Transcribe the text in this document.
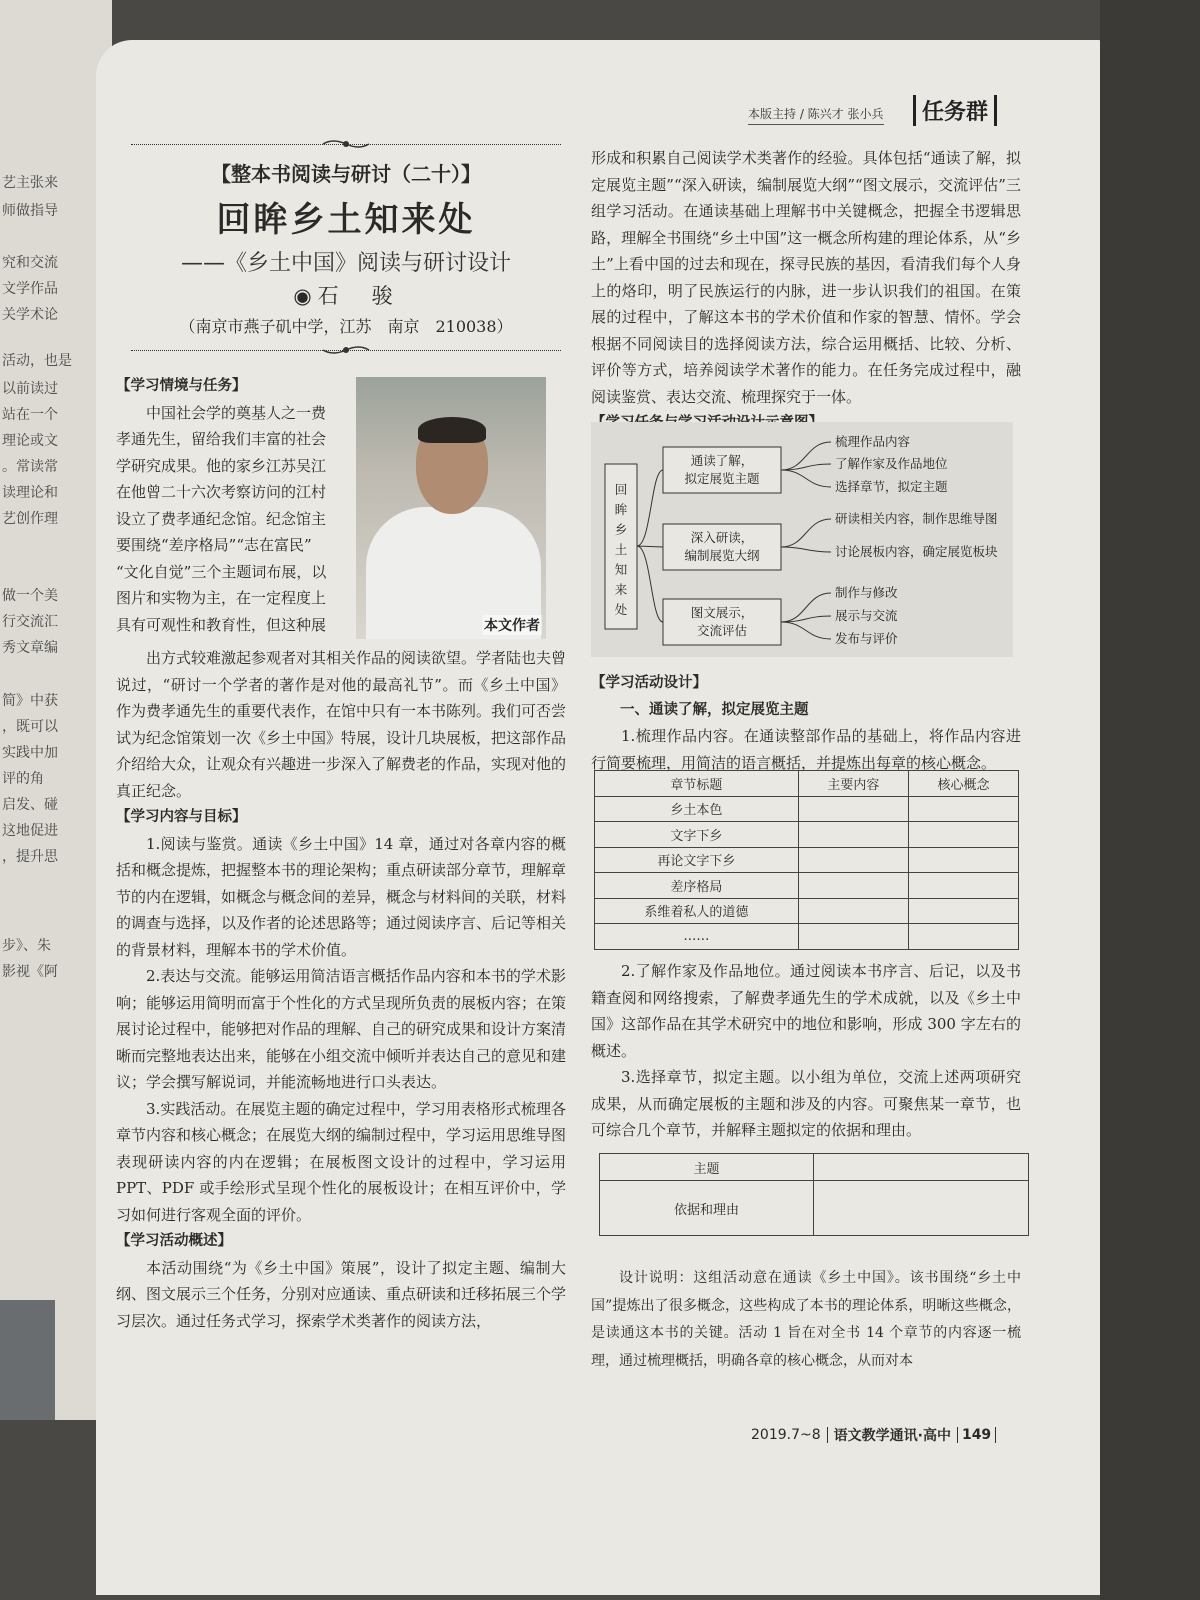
艺主张来
师做指导
究和交流
文学作品
关学术论
活动，也是
以前读过
站在一个
理论或文
。常读常
读理论和
艺创作理
做一个美
行交流汇
秀文章编
简》中获
，既可以
实践中加
评的角
启发、碰
这地促进
，提升思
步》、朱
影视《阿
本版主持 / 陈兴才 张小兵	任务群
【整本书阅读与研讨（二十）】
回眸乡土知来处
——《乡土中国》阅读与研讨设计
◉石　骏
（南京市燕子矶中学，江苏　南京　210038）
本文作者
【学习情境与任务】
中国社会学的奠基人之一费
孝通先生，留给我们丰富的社会
学研究成果。他的家乡江苏吴江
在他曾二十六次考察访问的江村
设立了费孝通纪念馆。纪念馆主
要围绕“差序格局”“志在富民”
“文化自觉”三个主题词布展，以
图片和实物为主，在一定程度上
具有可观性和教育性，但这种展
出方式较难激起参观者对其相关作品的阅读欲望。学者陆也夫曾说过，“研讨一个学者的著作是对他的最高礼节”。而《乡土中国》作为费孝通先生的重要代表作，在馆中只有一本书陈列。我们可否尝试为纪念馆策划一次《乡土中国》特展，设计几块展板，把这部作品介绍给大众，让观众有兴趣进一步深入了解费老的作品，实现对他的真正纪念。
【学习内容与目标】
1.阅读与鉴赏。通读《乡土中国》14 章，通过对各章内容的概括和概念提炼，把握整本书的理论架构；重点研读部分章节，理解章节的内在逻辑，如概念与概念间的差异，概念与材料间的关联，材料的调查与选择，以及作者的论述思路等；通过阅读序言、后记等相关的背景材料，理解本书的学术价值。
2.表达与交流。能够运用简洁语言概括作品内容和本书的学术影响；能够运用简明而富于个性化的方式呈现所负责的展板内容；在策展讨论过程中，能够把对作品的理解、自己的研究成果和设计方案清晰而完整地表达出来，能够在小组交流中倾听并表达自己的意见和建议；学会撰写解说词，并能流畅地进行口头表达。
3.实践活动。在展览主题的确定过程中，学习用表格形式梳理各章节内容和核心概念；在展览大纲的编制过程中，学习运用思维导图表现研读内容的内在逻辑；在展板图文设计的过程中，学习运用 PPT、PDF 或手绘形式呈现个性化的展板设计；在相互评价中，学习如何进行客观全面的评价。
【学习活动概述】
本活动围绕“为《乡土中国》策展”，设计了拟定主题、编制大纲、图文展示三个任务，分别对应通读、重点研读和迁移拓展三个学习层次。通过任务式学习，探索学术类著作的阅读方法，
形成和积累自己阅读学术类著作的经验。具体包括“通读了解，拟定展览主题”“深入研读，编制展览大纲”“图文展示，交流评估”三组学习活动。在通读基础上理解书中关键概念，把握全书逻辑思路，理解全书围绕“乡土中国”这一概念所构建的理论体系，从“乡土”上看中国的过去和现在，探寻民族的基因，看清我们每个人身上的烙印，明了民族运行的内脉，进一步认识我们的祖国。在策展的过程中，了解这本书的学术价值和作家的智慧、情怀。学会根据不同阅读目的选择阅读方法，综合运用概括、比较、分析、评价等方式，培养阅读学术著作的能力。在任务完成过程中，融阅读鉴赏、表达交流、梳理探究于一体。
回
眸
乡
土
知
来
处
通读了解，
拟定展览主题
梳理作品内容
了解作家及作品地位
选择章节，拟定主题
深入研读，
编制展览大纲
研读相关内容，制作思维导图
讨论展板内容，确定展览板块
图文展示，
交流评估
制作与修改
展示与交流
发布与评价
【学习活动设计】
一、通读了解，拟定展览主题
1.梳理作品内容。在通读整部作品的基础上，将作品内容进行简要梳理，用简洁的语言概括，并提炼出每章的核心概念。
章节标题	主要内容	核心概念
乡土本色		
文字下乡		
再论文字下乡		
差序格局		
系维着私人的道德		
……		
2.了解作家及作品地位。通过阅读本书序言、后记，以及书籍查阅和网络搜索，了解费孝通先生的学术成就，以及《乡土中国》这部作品在其学术研究中的地位和影响，形成 300 字左右的概述。
3.选择章节，拟定主题。以小组为单位，交流上述两项研究成果，从而确定展板的主题和涉及的内容。可聚焦某一章节，也可综合几个章节，并解释主题拟定的依据和理由。
主题	
依据和理由	
设计说明：这组活动意在通读《乡土中国》。该书围绕“乡土中国”提炼出了很多概念，这些构成了本书的理论体系，明晰这些概念，是读通这本书的关键。活动 1 旨在对全书 14 个章节的内容逐一梳理，通过梳理概括，明确各章的核心概念，从而对本
2019.7~8 语文教学通讯·高中 149
